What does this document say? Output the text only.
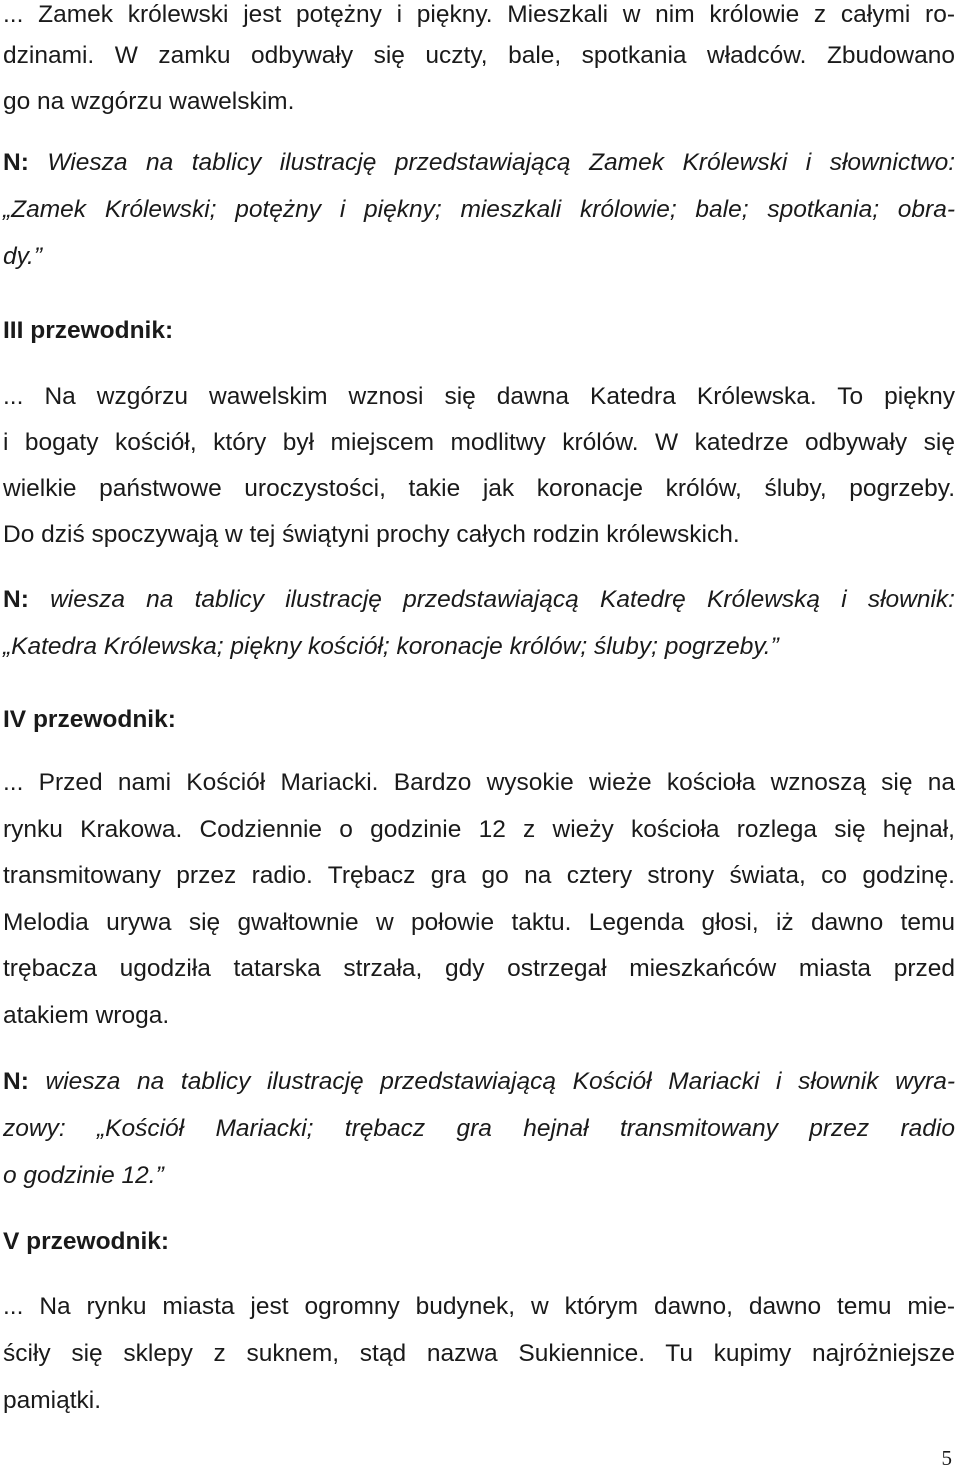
... Zamek królewski jest potężny i piękny. Mieszkali w nim królowie z całymi ro-
dzinami. W zamku odbywały się uczty, bale, spotkania władców. Zbudowano
go na wzgórzu wawelskim.
N: Wiesza na tablicy ilustrację przedstawiającą Zamek Królewski i słownictwo:
„Zamek Królewski; potężny i piękny; mieszkali królowie; bale; spotkania; obra-
dy.”
III przewodnik:
... Na wzgórzu wawelskim wznosi się dawna Katedra Królewska. To piękny
i bogaty kościół, który był miejscem modlitwy królów. W katedrze odbywały się
wielkie państwowe uroczystości, takie jak koronacje królów, śluby, pogrzeby.
Do dziś spoczywają w tej świątyni prochy całych rodzin królewskich.
N: wiesza na tablicy ilustrację przedstawiającą Katedrę Królewską i słownik:
„Katedra Królewska; piękny kościół; koronacje królów; śluby; pogrzeby.”
IV przewodnik:
... Przed nami Kościół Mariacki. Bardzo wysokie wieże kościoła wznoszą się na
rynku Krakowa. Codziennie o godzinie 12 z wieży kościoła rozlega się hejnał,
transmitowany przez radio. Trębacz gra go na cztery strony świata, co godzinę.
Melodia urywa się gwałtownie w połowie taktu. Legenda głosi, iż dawno temu
trębacza ugodziła tatarska strzała, gdy ostrzegał mieszkańców miasta przed
atakiem wroga.
N: wiesza na tablicy ilustrację przedstawiającą Kościół Mariacki i słownik wyra-
zowy: „Kościół Mariacki; trębacz gra hejnał transmitowany przez radio
o godzinie 12.”
V przewodnik:
... Na rynku miasta jest ogromny budynek, w którym dawno, dawno temu mie-
ściły się sklepy z suknem, stąd nazwa Sukiennice. Tu kupimy najróżniejsze
pamiątki.
5
